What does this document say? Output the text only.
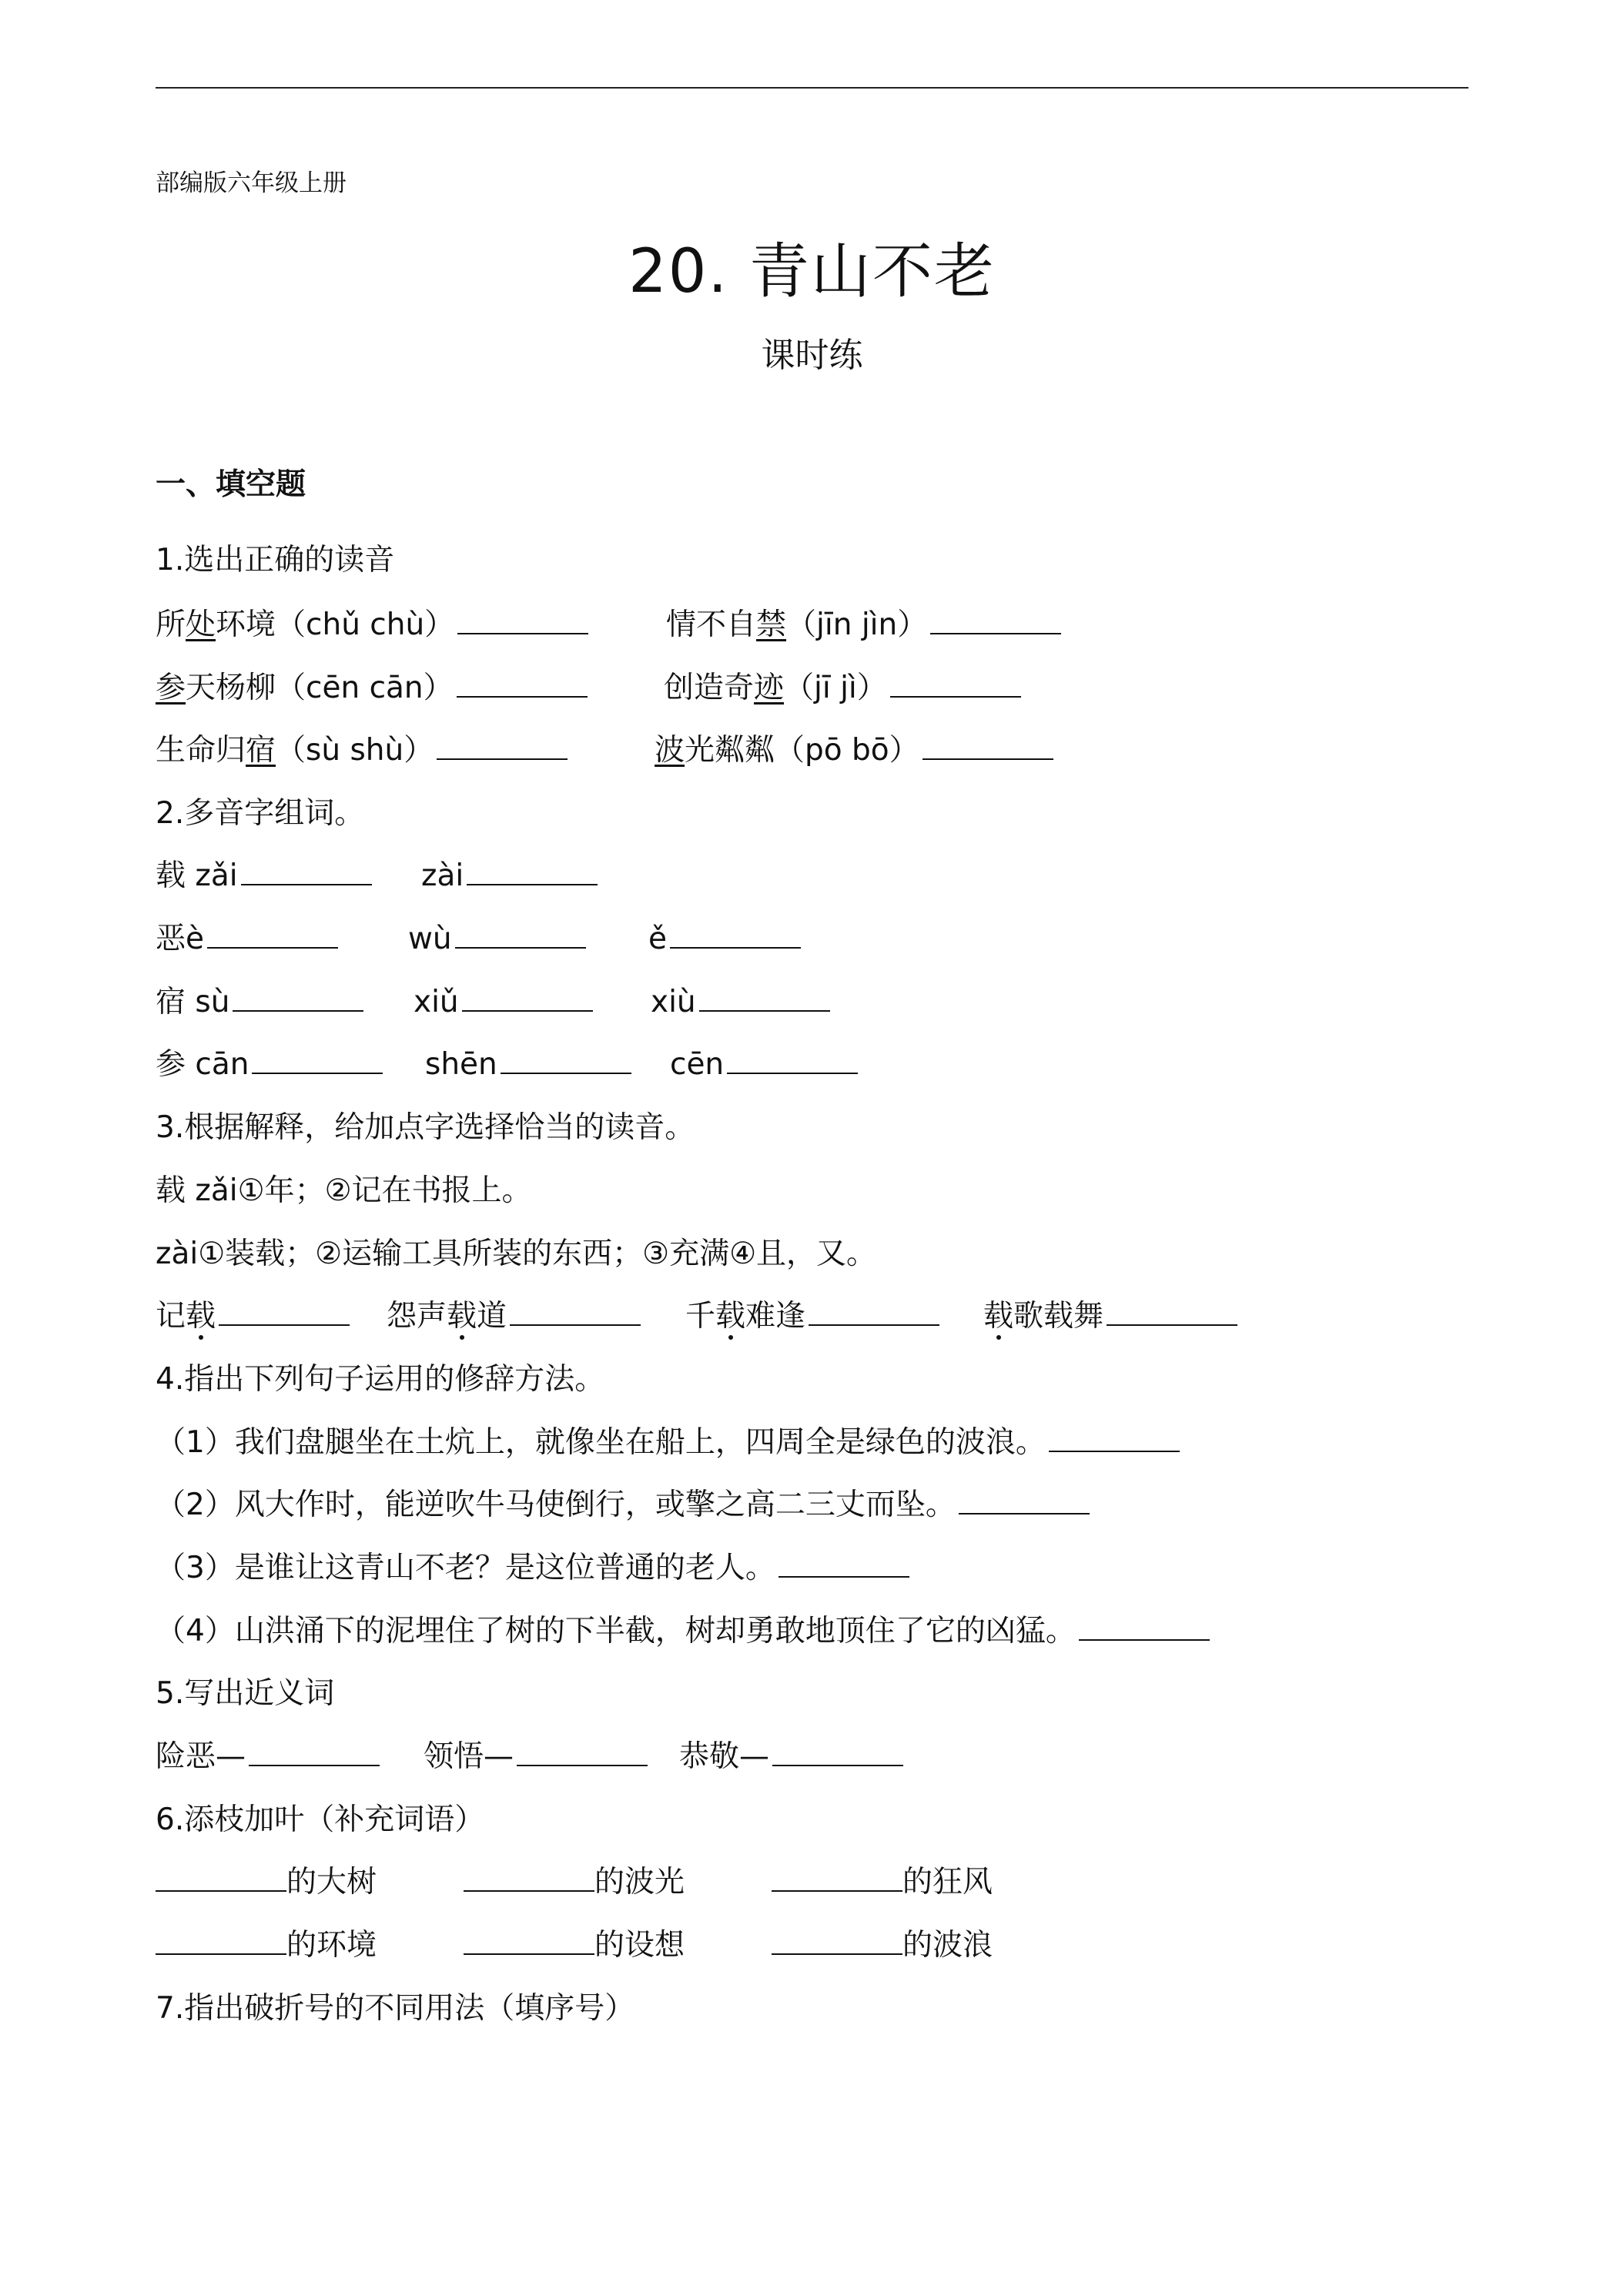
部编版六年级上册
20. 青山不老
课时练
一、填空题
1.选出正确的读音
所处环境（chǔ chù）	情不自禁（jīn jìn）
参天杨柳（cēn cān）	创造奇迹（jī jì）
生命归宿（sù shù）	波光粼粼（pō bō）
2.多音字组词。
载 zǎi	zài
恶è	wù	ě
宿 sù	xiǔ	xiù
参 cān	shēn	cēn
3.根据解释，给加点字选择恰当的读音。
载 zǎi①年；②记在书报上。
zài①装载；②运输工具所装的东西；③充满④且，又。
记载	怨声载道	千载难逢	载歌载舞
4.指出下列句子运用的修辞方法。
（1）我们盘腿坐在土炕上，就像坐在船上，四周全是绿色的波浪。
（2）风大作时，能逆吹牛马使倒行，或擎之高二三丈而坠。
（3）是谁让这青山不老？是这位普通的老人。
（4）山洪涌下的泥埋住了树的下半截，树却勇敢地顶住了它的凶猛。
5.写出近义词
险恶—	领悟—	恭敬—
6.添枝加叶（补充词语）
的大树	的波光	的狂风
的环境	的设想	的波浪
7.指出破折号的不同用法（填序号）
